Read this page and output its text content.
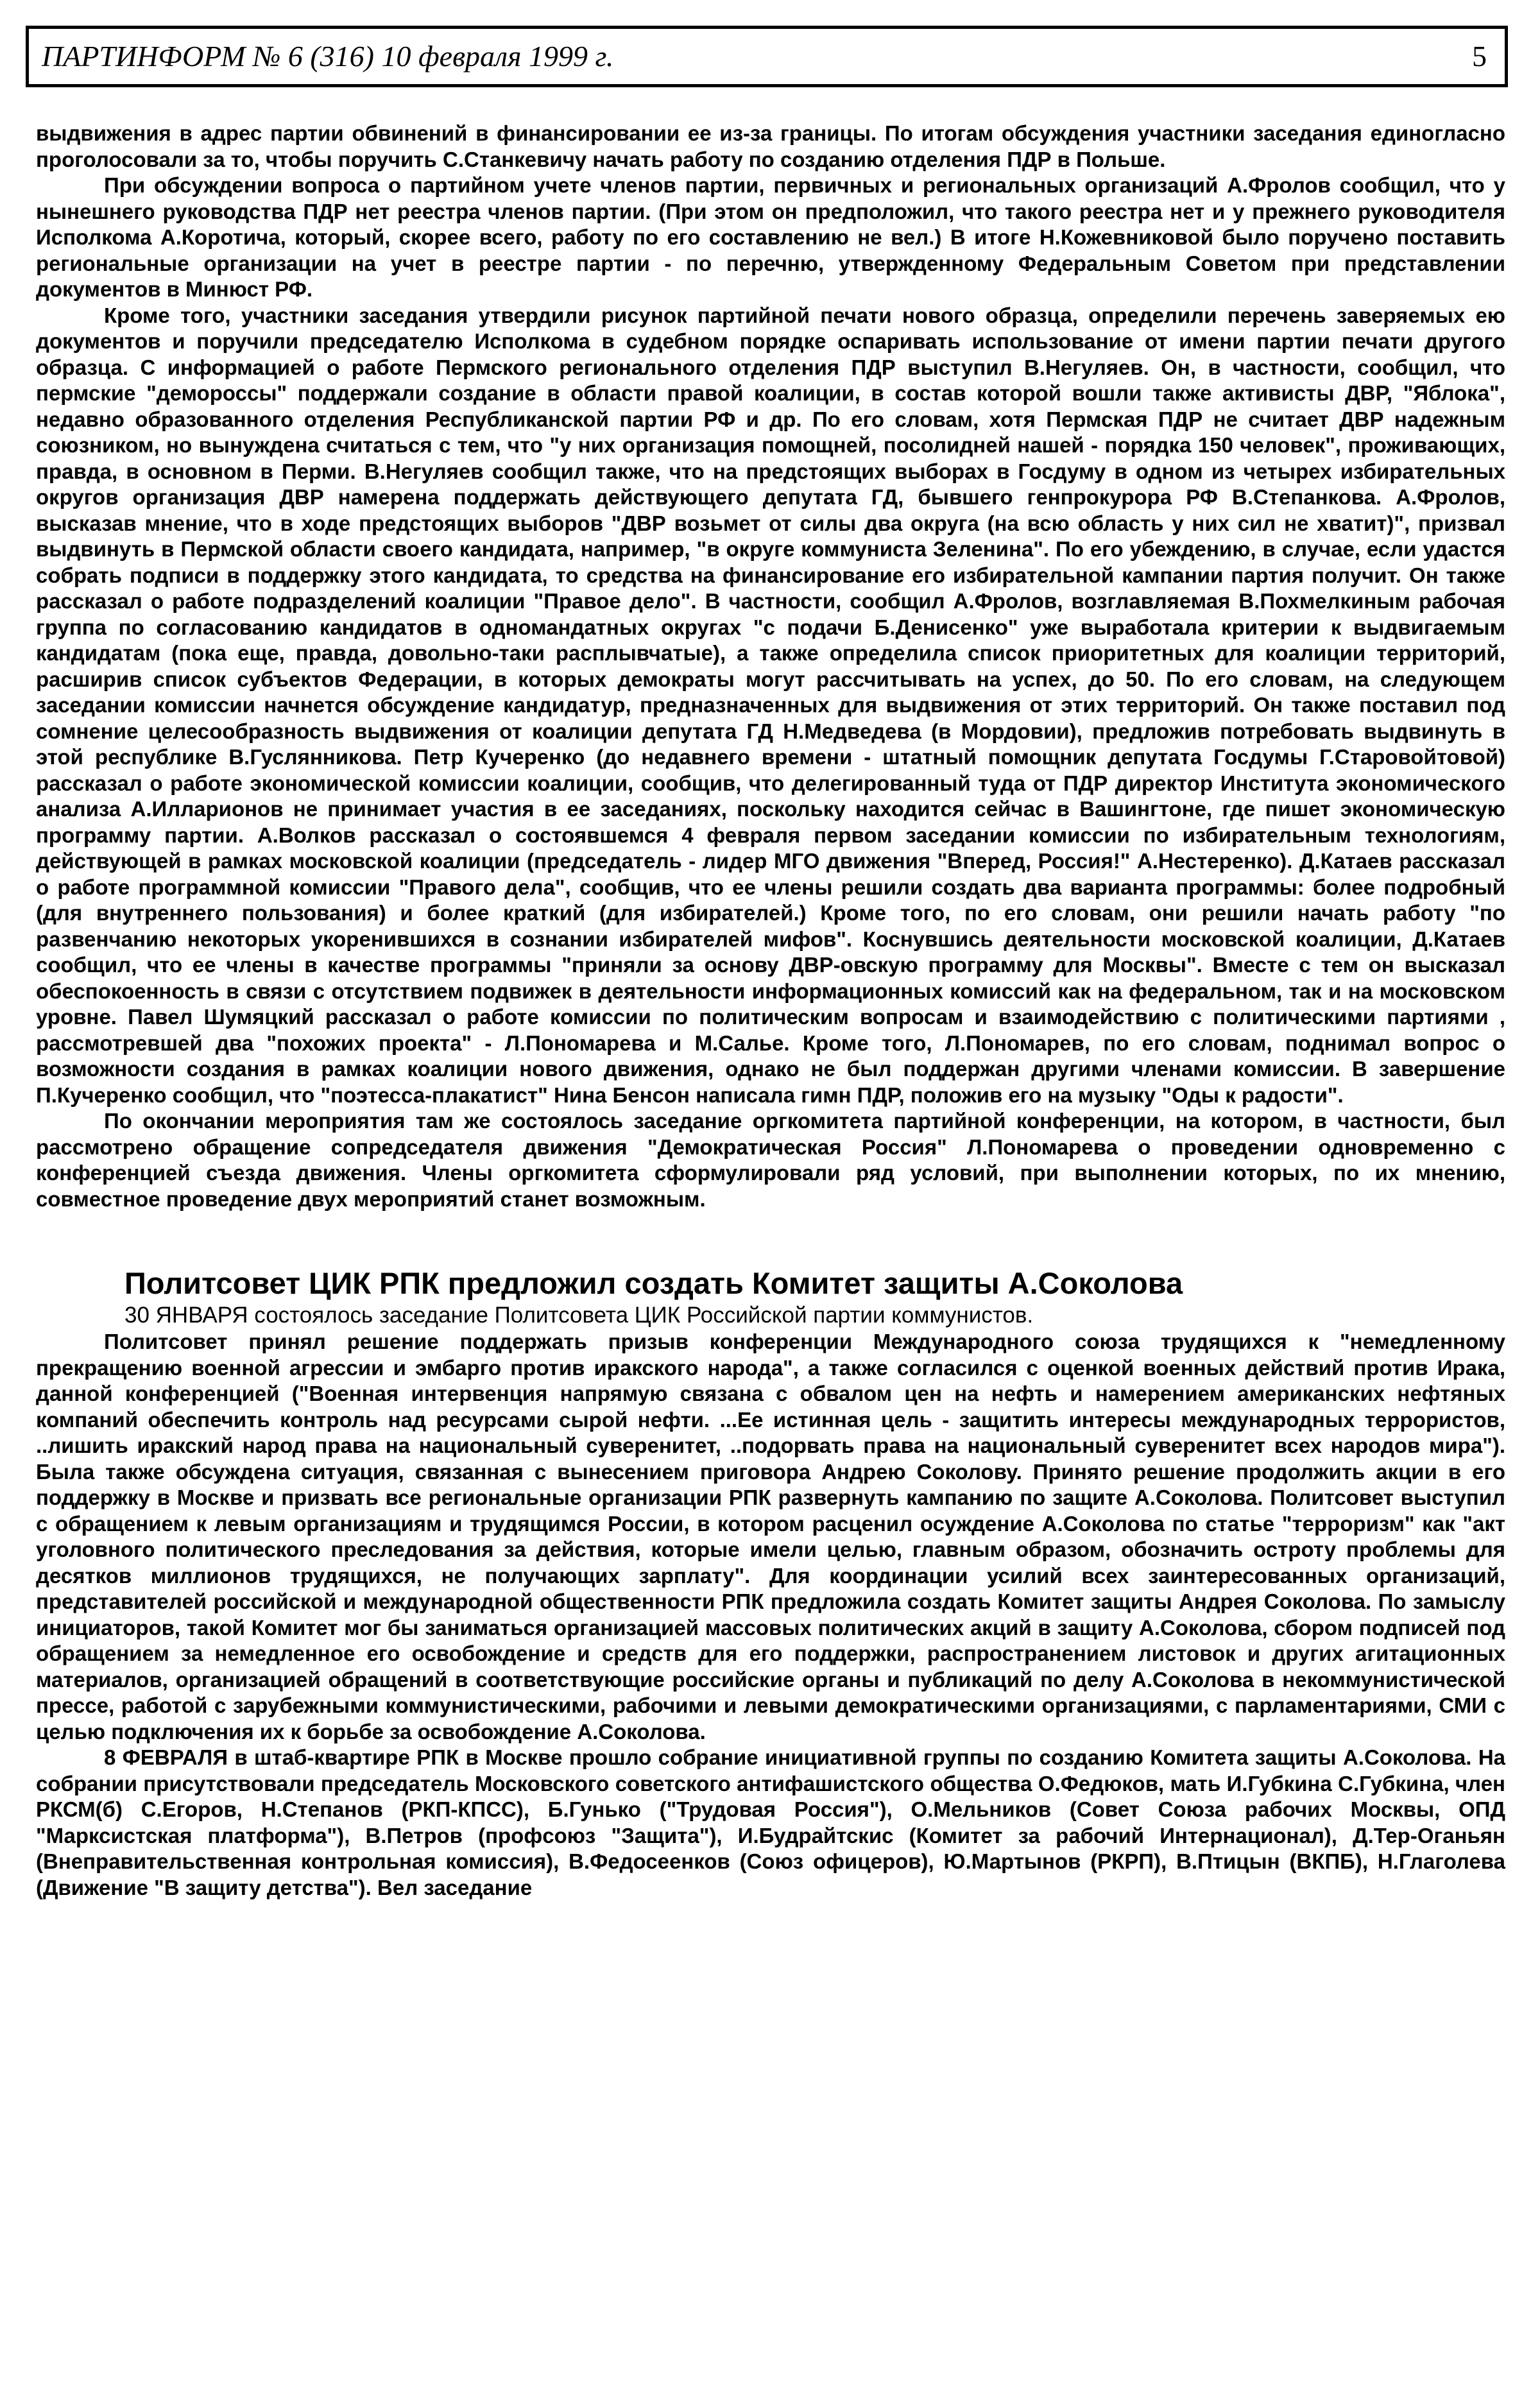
ПАРТИНФОРМ № 6 (316) 10 февраля 1999 г.	5

выдвижения в адрес партии обвинений в финансировании ее из-за границы. По итогам обсуждения участники заседания единогласно проголосовали за то, чтобы поручить С.Станкевичу начать работу по созданию отделения ПДР в Польше.

При обсуждении вопроса о партийном учете членов партии, первичных и региональных организаций А.Фролов сообщил, что у нынешнего руководства ПДР нет реестра членов партии. (При этом он предположил, что такого реестра нет и у прежнего руководителя Исполкома А.Коротича, который, скорее всего, работу по его составлению не вел.) В итоге Н.Кожевниковой было поручено поставить региональные организации на учет в реестре партии - по перечню, утвержденному Федеральным Советом при представлении документов в Минюст РФ.

Кроме того, участники заседания утвердили рисунок партийной печати нового образца, определили перечень заверяемых ею документов и поручили председателю Исполкома в судебном порядке оспаривать использование от имени партии печати другого образца. С информацией о работе Пермского регионального отделения ПДР выступил В.Негуляев. Он, в частности, сообщил, что пермские "демороссы" поддержали создание в области правой коалиции, в состав которой вошли также активисты ДВР, "Яблока", недавно образованного отделения Республиканской партии РФ и др. По его словам, хотя Пермская ПДР не считает ДВР надежным союзником, но вынуждена считаться с тем, что "у них организация помощней, посолидней нашей - порядка 150 человек", проживающих, правда, в основном в Перми. В.Негуляев сообщил также, что на предстоящих выборах в Госдуму в одном из четырех избирательных округов организация ДВР намерена поддержать действующего депутата ГД, бывшего генпрокурора РФ В.Степанкова. А.Фролов, высказав мнение, что в ходе предстоящих выборов "ДВР возьмет от силы два округа (на всю область у них сил не хватит)", призвал выдвинуть в Пермской области своего кандидата, например, "в округе коммуниста Зеленина". По его убеждению, в случае, если удастся собрать подписи в поддержку этого кандидата, то средства на финансирование его избирательной кампании партия получит. Он также рассказал о работе подразделений коалиции "Правое дело". В частности, сообщил А.Фролов, возглавляемая В.Похмелкиным рабочая группа по согласованию кандидатов в одномандатных округах "с подачи Б.Денисенко" уже выработала критерии к выдвигаемым кандидатам (пока еще, правда, довольно-таки расплывчатые), а также определила список приоритетных для коалиции территорий, расширив список субъектов Федерации, в которых демократы могут рассчитывать на успех, до 50. По его словам, на следующем заседании комиссии начнется обсуждение кандидатур, предназначенных для выдвижения от этих территорий. Он также поставил под сомнение целесообразность выдвижения от коалиции депутата ГД Н.Медведева (в Мордовии), предложив потребовать выдвинуть в этой республике В.Гуслянникова. Петр Кучеренко (до недавнего времени - штатный помощник депутата Госдумы Г.Старовойтовой) рассказал о работе экономической комиссии коалиции, сообщив, что делегированный туда от ПДР директор Института экономического анализа А.Илларионов не принимает участия в ее заседаниях, поскольку находится сейчас в Вашингтоне, где пишет экономическую программу партии. А.Волков рассказал о состоявшемся 4 февраля первом заседании комиссии по избирательным технологиям, действующей в рамках московской коалиции (председатель - лидер МГО движения "Вперед, Россия!" А.Нестеренко). Д.Катаев рассказал о работе программной комиссии "Правого дела", сообщив, что ее члены решили создать два варианта программы: более подробный (для внутреннего пользования) и более краткий (для избирателей.) Кроме того, по его словам, они решили начать работу "по развенчанию некоторых укоренившихся в сознании избирателей мифов". Коснувшись деятельности московской коалиции, Д.Катаев сообщил, что ее члены в качестве программы "приняли за основу ДВР-овскую программу для Москвы". Вместе с тем он высказал обеспокоенность в связи с отсутствием подвижек в деятельности информационных комиссий как на федеральном, так и на московском уровне. Павел Шумяцкий рассказал о работе комиссии по политическим вопросам и взаимодействию с политическими партиями , рассмотревшей два "похожих проекта" - Л.Пономарева и М.Салье. Кроме того, Л.Пономарев, по его словам, поднимал вопрос о возможности создания в рамках коалиции нового движения, однако не был поддержан другими членами комиссии. В завершение П.Кучеренко сообщил, что "поэтесса-плакатист" Нина Бенсон написала гимн ПДР, положив его на музыку "Оды к радости".

По окончании мероприятия там же состоялось заседание оргкомитета партийной конференции, на котором, в частности, был рассмотрено обращение сопредседателя движения "Демократическая Россия" Л.Пономарева о проведении одновременно с конференцией съезда движения. Члены оргкомитета сформулировали ряд условий, при выполнении которых, по их мнению, совместное проведение двух мероприятий станет возможным.

Политсовет ЦИК РПК предложил создать Комитет защиты А.Соколова

30 ЯНВАРЯ состоялось заседание Политсовета ЦИК Российской партии коммунистов.

Политсовет принял решение поддержать призыв конференции Международного союза трудящихся к "немедленному прекращению военной агрессии и эмбарго против иракского народа", а также согласился с оценкой военных действий против Ирака, данной конференцией ("Военная интервенция напрямую связана с обвалом цен на нефть и намерением американских нефтяных компаний обеспечить контроль над ресурсами сырой нефти. ...Ее истинная цель - защитить интересы международных террористов, ..лишить иракский народ права на национальный суверенитет, ..подорвать права на национальный суверенитет всех народов мира"). Была также обсуждена ситуация, связанная с вынесением приговора Андрею Соколову. Принято решение продолжить акции в его поддержку в Москве и призвать все региональные организации РПК развернуть кампанию по защите А.Соколова. Политсовет выступил с обращением к левым организациям и трудящимся России, в котором расценил осуждение А.Соколова по статье "терроризм" как "акт уголовного политического преследования за действия, которые имели целью, главным образом, обозначить остроту проблемы для десятков миллионов трудящихся, не получающих зарплату". Для координации усилий всех заинтересованных организаций, представителей российской и международной общественности РПК предложила создать Комитет защиты Андрея Соколова. По замыслу инициаторов, такой Комитет мог бы заниматься организацией массовых политических акций в защиту А.Соколова, сбором подписей под обращением за немедленное его освобождение и средств для его поддержки, распространением листовок и других агитационных материалов, организацией обращений в соответствующие российские органы и публикаций по делу А.Соколова в некоммунистической прессе, работой с зарубежными коммунистическими, рабочими и левыми демократическими организациями, с парламентариями, СМИ с целью подключения их к борьбе за освобождение А.Соколова.

8 ФЕВРАЛЯ в штаб-квартире РПК в Москве прошло собрание инициативной группы по созданию Комитета защиты А.Соколова. На собрании присутствовали председатель Московского советского антифашистского общества О.Федюков, мать И.Губкина С.Губкина, член РКСМ(б) С.Егоров, Н.Степанов (РКП-КПСС), Б.Гунько ("Трудовая Россия"), О.Мельников (Совет Союза рабочих Москвы, ОПД "Марксистская платформа"), В.Петров (профсоюз "Защита"), И.Будрайтскис (Комитет за рабочий Интернационал), Д.Тер-Оганьян (Внеправительственная контрольная комиссия), В.Федосеенков (Союз офицеров), Ю.Мартынов (РКРП), В.Птицын (ВКПБ), Н.Глаголева (Движение "В защиту детства"). Вел заседание
